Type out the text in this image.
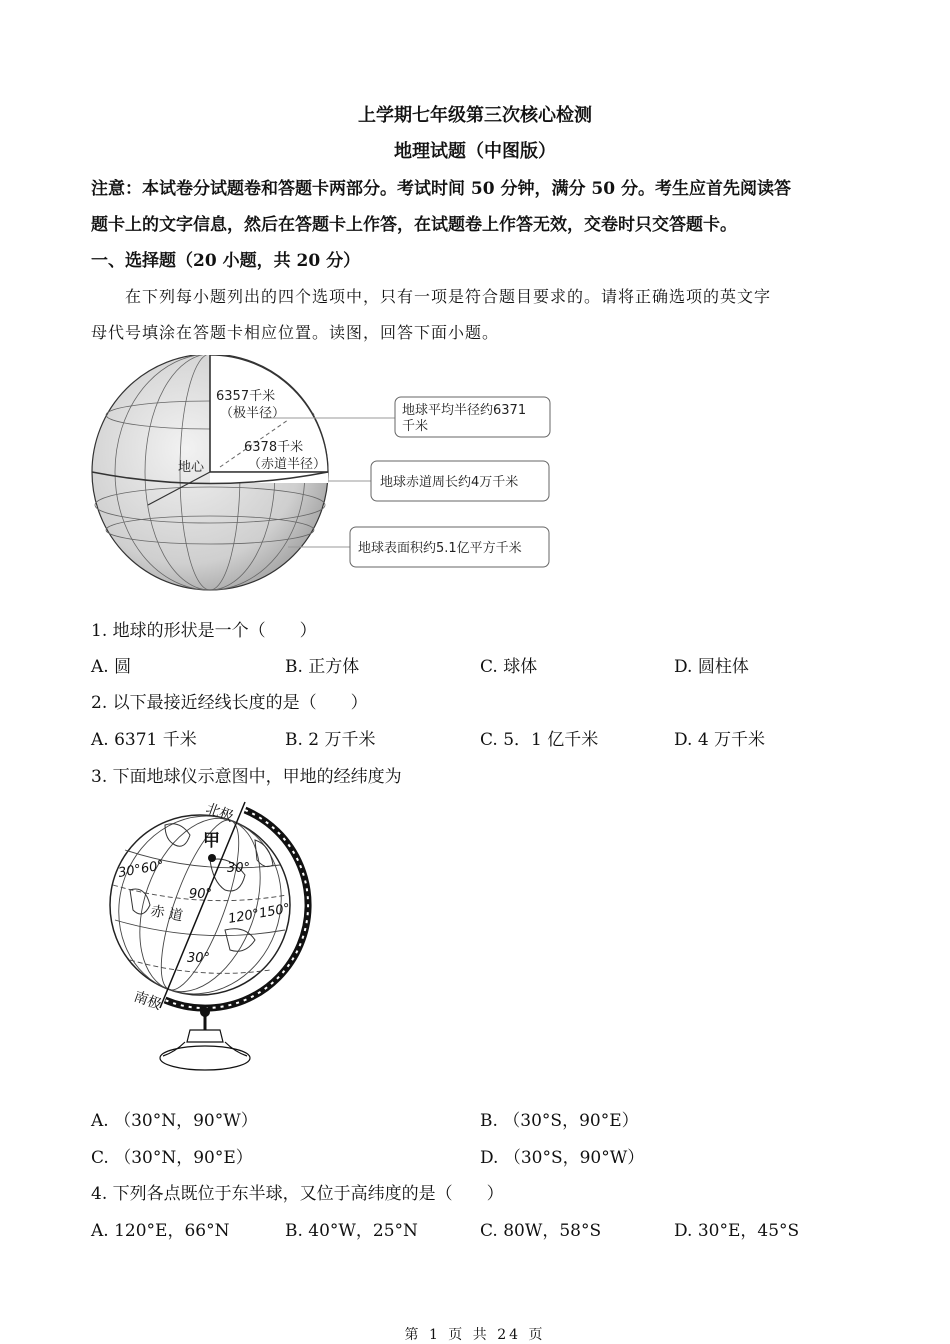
上学期七年级第三次核心检测
地理试题（中图版）
注意：本试卷分试题卷和答题卡两部分。考试时间 50 分钟，满分 50 分。考生应首先阅读答
题卡上的文字信息，然后在答题卡上作答，在试题卷上作答无效，交卷时只交答题卡。
一、选择题（20 小题，共 20 分）
在下列每小题列出的四个选项中，只有一项是符合题目要求的。请将正确选项的英文字
母代号填涂在答题卡相应位置。读图，回答下面小题。
6357千米
（极半径）
6378千米
（赤道半径）
地心
地球平均半径约6371
千米
地球赤道周长约4万千米
地球表面积约5.1亿平方千米
1. 地球的形状是一个（　　）
A. 圆	B. 正方体	C. 球体	D. 圆柱体
2. 以下最接近经线长度的是（　　）
A. 6371 千米	B. 2 万千米	C. 5．1 亿千米	D. 4 万千米
3. 下面地球仪示意图中，甲地的经纬度为
甲
北极
南极
30°
30°
30°60°
90°
120°150°
赤 道
A. （30°N，90°W）	B. （30°S，90°E）
C. （30°N，90°E）	D. （30°S，90°W）
4. 下列各点既位于东半球，又位于高纬度的是（　　）
A. 120°E，66°N	B. 40°W，25°N	C. 80W，58°S	D. 30°E，45°S
第 1 页 共 24 页
